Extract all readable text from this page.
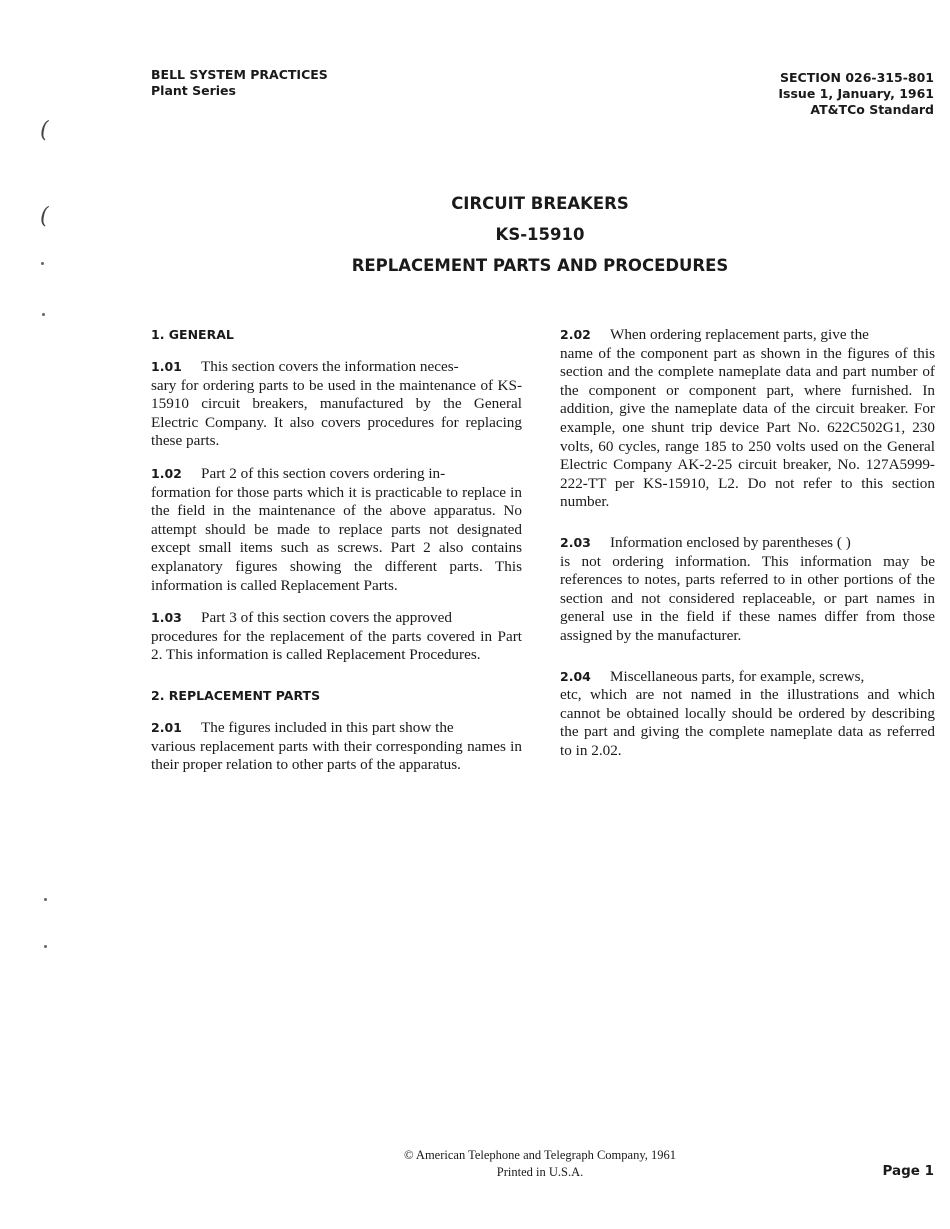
BELL SYSTEM PRACTICES
Plant Series
SECTION 026-315-801
Issue 1, January, 1961
AT&TCo Standard
(
(
CIRCUIT BREAKERS
KS-15910
REPLACEMENT PARTS AND PROCEDURES
1. GENERAL
1.01 This section covers the information neces-
sary for ordering parts to be used in the maintenance of KS-15910 circuit breakers, manufactured by the General Electric Company. It also covers procedures for replacing these parts.
1.02 Part 2 of this section covers ordering in-
formation for those parts which it is practicable to replace in the field in the maintenance of the above apparatus. No attempt should be made to replace parts not designated except small items such as screws. Part 2 also contains explanatory figures showing the different parts. This information is called Replacement Parts.
1.03 Part 3 of this section covers the approved
procedures for the replacement of the parts covered in Part 2. This information is called Replacement Procedures.
2. REPLACEMENT PARTS
2.01 The figures included in this part show the
various replacement parts with their corresponding names in their proper relation to other parts of the apparatus.
2.02 When ordering replacement parts, give the
name of the component part as shown in the figures of this section and the complete nameplate data and part number of the component or component part, where furnished. In addition, give the nameplate data of the circuit breaker. For example, one shunt trip device Part No. 622C502G1, 230 volts, 60 cycles, range 185 to 250 volts used on the General Electric Company AK-2-25 circuit breaker, No. 127A5999-222-TT per KS-15910, L2. Do not refer to this section number.
2.03 Information enclosed by parentheses ( )
is not ordering information. This information may be references to notes, parts referred to in other portions of the section and not considered replaceable, or part names in general use in the field if these names differ from those assigned by the manufacturer.
2.04 Miscellaneous parts, for example, screws,
etc, which are not named in the illustrations and which cannot be obtained locally should be ordered by describing the part and giving the complete nameplate data as referred to in 2.02.
© American Telephone and Telegraph Company, 1961
Printed in U.S.A.	Page 1
